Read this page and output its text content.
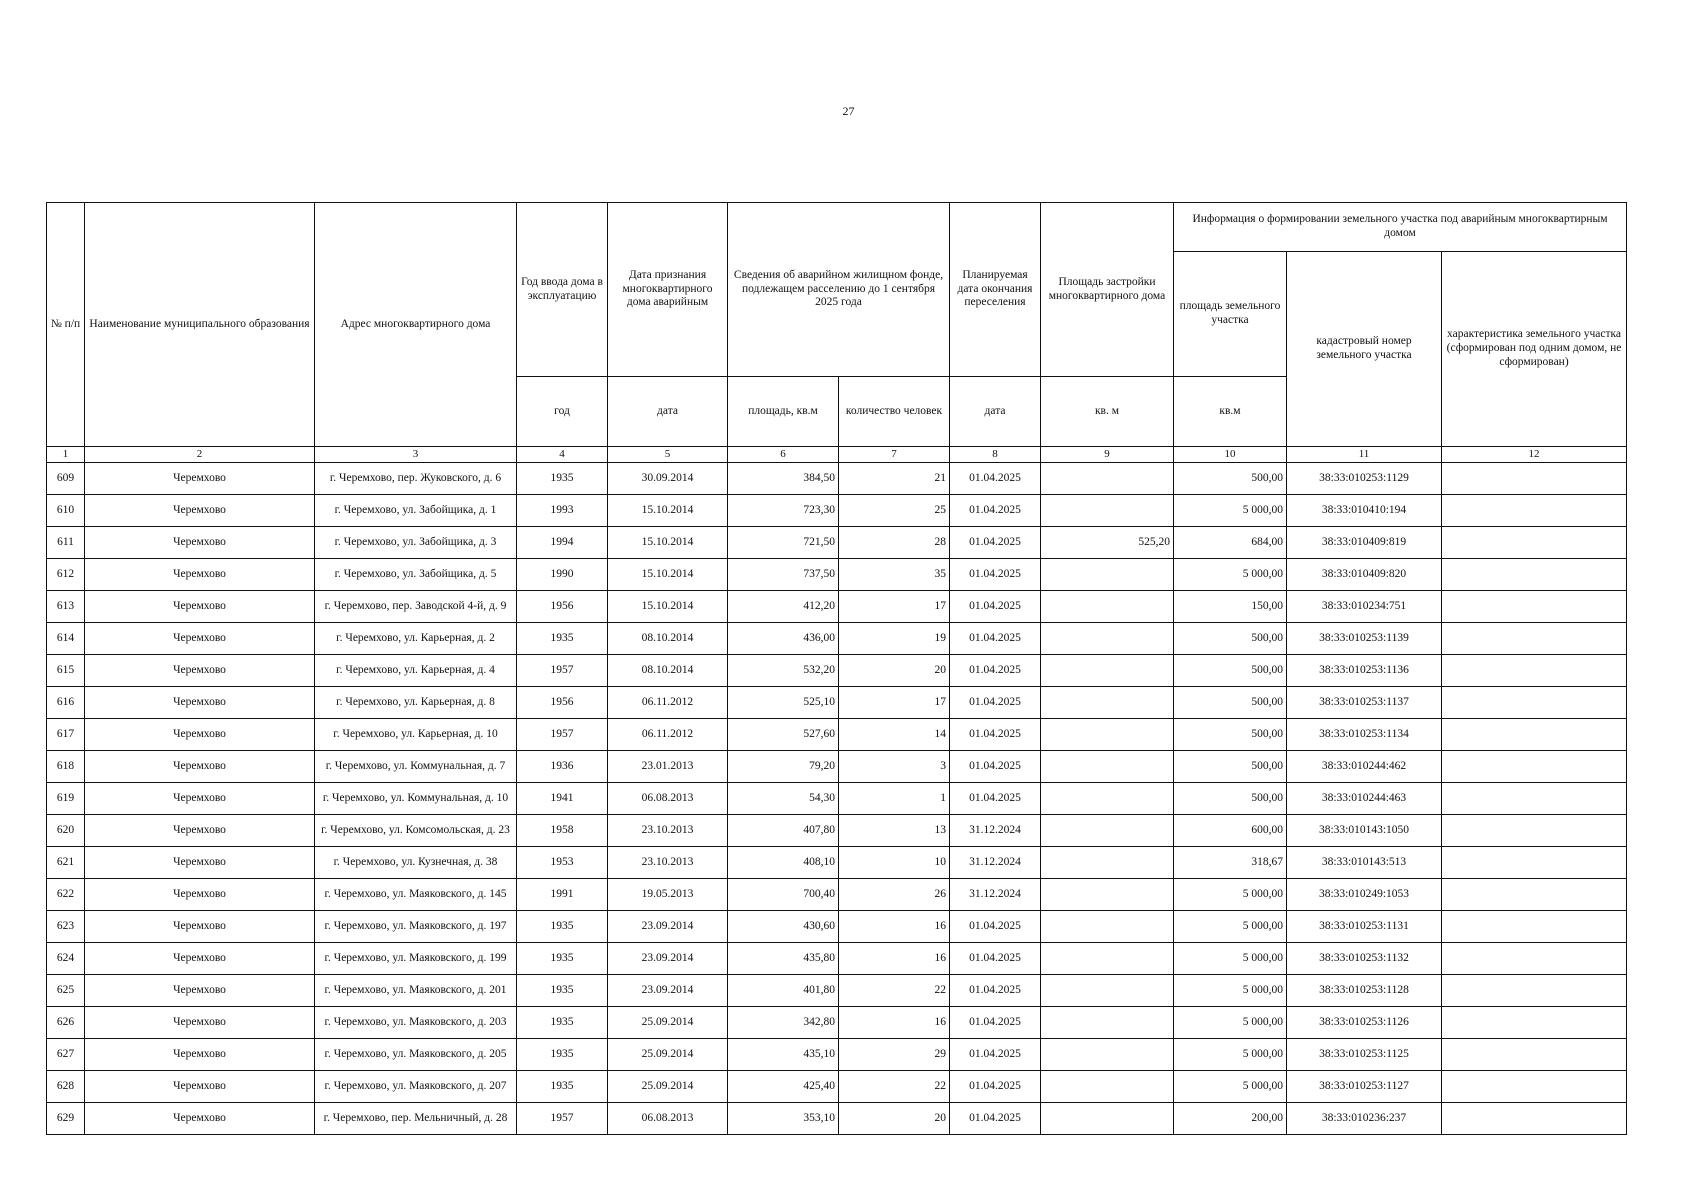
27
№ п/п	Наименование муниципального образования	Адрес многоквартирного дома	Год ввода дома в эксплуатацию	Дата признания многоквартирного дома аварийным	Сведения об аварийном жилищном фонде, подлежащем расселению до 1 сентября 2025 года		Планируемая дата окончания переселения	Площадь застройки многоквартирного дома	Информация о формировании земельного участка под аварийным многоквартирным домом		
									площадь земельного участка	кадастровый номер земельного участка	характеристика земельного участка (сформирован под одним домом, не сформирован)
			год	дата	площадь, кв.м	количество человек	дата	кв. м	кв.м		
1	2	3	4	5	6	7	8	9	10	11	12
609	Черемхово	г. Черемхово, пер. Жуковского, д. 6	1935	30.09.2014	384,50	21	01.04.2025		500,00	38:33:010253:1129	
610	Черемхово	г. Черемхово, ул. Забойщика, д. 1	1993	15.10.2014	723,30	25	01.04.2025		5 000,00	38:33:010410:194	
611	Черемхово	г. Черемхово, ул. Забойщика, д. 3	1994	15.10.2014	721,50	28	01.04.2025	525,20	684,00	38:33:010409:819	
612	Черемхово	г. Черемхово, ул. Забойщика, д. 5	1990	15.10.2014	737,50	35	01.04.2025		5 000,00	38:33:010409:820	
613	Черемхово	г. Черемхово, пер. Заводской 4-й, д. 9	1956	15.10.2014	412,20	17	01.04.2025		150,00	38:33:010234:751	
614	Черемхово	г. Черемхово, ул. Карьерная, д. 2	1935	08.10.2014	436,00	19	01.04.2025		500,00	38:33:010253:1139	
615	Черемхово	г. Черемхово, ул. Карьерная, д. 4	1957	08.10.2014	532,20	20	01.04.2025		500,00	38:33:010253:1136	
616	Черемхово	г. Черемхово, ул. Карьерная, д. 8	1956	06.11.2012	525,10	17	01.04.2025		500,00	38:33:010253:1137	
617	Черемхово	г. Черемхово, ул. Карьерная, д. 10	1957	06.11.2012	527,60	14	01.04.2025		500,00	38:33:010253:1134	
618	Черемхово	г. Черемхово, ул. Коммунальная, д. 7	1936	23.01.2013	79,20	3	01.04.2025		500,00	38:33:010244:462	
619	Черемхово	г. Черемхово, ул. Коммунальная, д. 10	1941	06.08.2013	54,30	1	01.04.2025		500,00	38:33:010244:463	
620	Черемхово	г. Черемхово, ул. Комсомольская, д. 23	1958	23.10.2013	407,80	13	31.12.2024		600,00	38:33:010143:1050	
621	Черемхово	г. Черемхово, ул. Кузнечная, д. 38	1953	23.10.2013	408,10	10	31.12.2024		318,67	38:33:010143:513	
622	Черемхово	г. Черемхово, ул. Маяковского, д. 145	1991	19.05.2013	700,40	26	31.12.2024		5 000,00	38:33:010249:1053	
623	Черемхово	г. Черемхово, ул. Маяковского, д. 197	1935	23.09.2014	430,60	16	01.04.2025		5 000,00	38:33:010253:1131	
624	Черемхово	г. Черемхово, ул. Маяковского, д. 199	1935	23.09.2014	435,80	16	01.04.2025		5 000,00	38:33:010253:1132	
625	Черемхово	г. Черемхово, ул. Маяковского, д. 201	1935	23.09.2014	401,80	22	01.04.2025		5 000,00	38:33:010253:1128	
626	Черемхово	г. Черемхово, ул. Маяковского, д. 203	1935	25.09.2014	342,80	16	01.04.2025		5 000,00	38:33:010253:1126	
627	Черемхово	г. Черемхово, ул. Маяковского, д. 205	1935	25.09.2014	435,10	29	01.04.2025		5 000,00	38:33:010253:1125	
628	Черемхово	г. Черемхово, ул. Маяковского, д. 207	1935	25.09.2014	425,40	22	01.04.2025		5 000,00	38:33:010253:1127	
629	Черемхово	г. Черемхово, пер. Мельничный, д. 28	1957	06.08.2013	353,10	20	01.04.2025		200,00	38:33:010236:237	
